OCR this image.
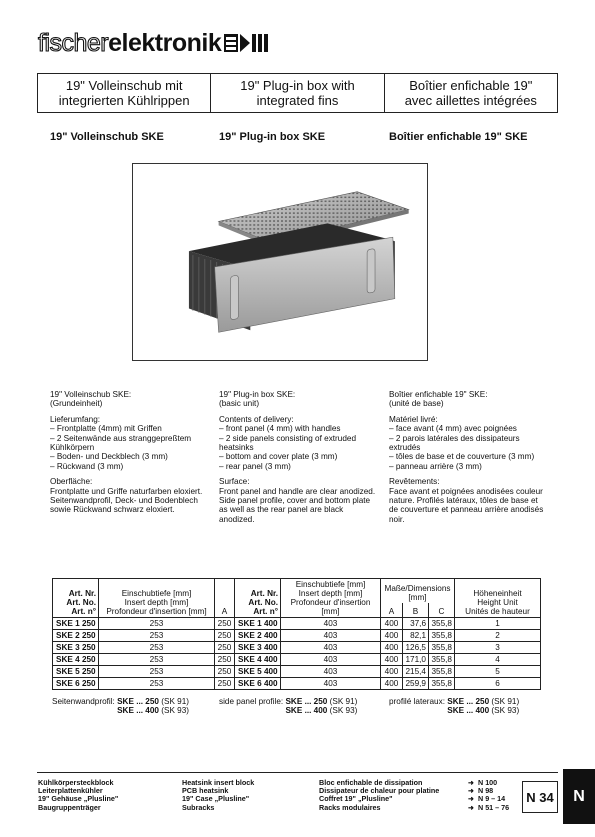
fischer elektronik
19" Volleinschub mit
integrierten Kühlrippen
19" Plug-in box with
integrated fins
Boîtier enfichable 19"
avec aillettes intégrées
19" Volleinschub SKE	19" Plug-in box SKE	Boîtier enfichable 19" SKE

19" Volleinschub SKE:
(Grundeinheit)

Lieferumfang:
– Frontplatte (4mm) mit Griffen
– 2 Seitenwände aus stranggepreßtem Kühlkörpern
– Boden- und Deckblech (3 mm)
– Rückwand (3 mm)

Oberfläche:
Frontplatte und Griffe naturfarben eloxiert. Seitenwandprofil, Deck- und Bodenblech sowie Rückwand schwarz eloxiert.

19" Plug-in box SKE:
(basic unit)

Contents of delivery:
– front panel (4 mm) with handles
– 2 side panels consisting of extruded heatsinks
– bottom and cover plate (3 mm)
– rear panel (3 mm)

Surface:
Front panel and handle are clear anodized. Side panel profile, cover and bottom plate as well as the rear panel are black anodized.

Boîtier enfichable 19" SKE:
(unité de base)

Matériel livré:
– face avant (4 mm) avec poignées
– 2 parois latérales des dissipateurs extrudés
– tôles de base et de couverture (3 mm)
– panneau arrière (3 mm)

Revêtements:
Face avant et poignées anodisées couleur nature. Profilés latéraux, tôles de base et de couverture et panneau arrière anodisés noir.

Art. Nr.
Art. No.
Art. n°	Einschubtiefe [mm]
Insert depth [mm]
Profondeur d'insertion [mm]	A	Art. Nr.
Art. No.
Art. n°	Einschubtiefe [mm]
Insert depth [mm]
Profondeur d'insertion [mm]	Maße/Dimensions
[mm]			Höheneinheit
Height Unit
Unités de hauteur
					A	B	C	
SKE 1 250	253	250	SKE 1 400	403	400	37,6	355,8	1
SKE 2 250	253	250	SKE 2 400	403	400	82,1	355,8	2
SKE 3 250	253	250	SKE 3 400	403	400	126,5	355,8	3
SKE 4 250	253	250	SKE 4 400	403	400	171,0	355,8	4
SKE 5 250	253	250	SKE 5 400	403	400	215,4	355,8	5
SKE 6 250	253	250	SKE 6 400	403	400	259,9	355,8	6
Seitenwandprofil: SKE ... 250 (SK 91)
SKE ... 400 (SK 93)
side panel profile: SKE ... 250 (SK 91)
SKE ... 400 (SK 93)
profilé lateraux: SKE ... 250 (SK 91)
SKE ... 400 (SK 93)
Kühlkörpersteckblock
Leiterplattenkühler
19" Gehäuse „Plusline"
Baugruppenträger
Heatsink insert block
PCB heatsink
19" Case „Plusline"
Subracks
Bloc enfichable de dissipation
Dissipateur de chaleur pour platine
Coffret 19" „Plusline"
Racks modulaires
➜ N 100
➜ N 98
➜ N 9 – 14
➜ N 51 – 76
N 34	N
